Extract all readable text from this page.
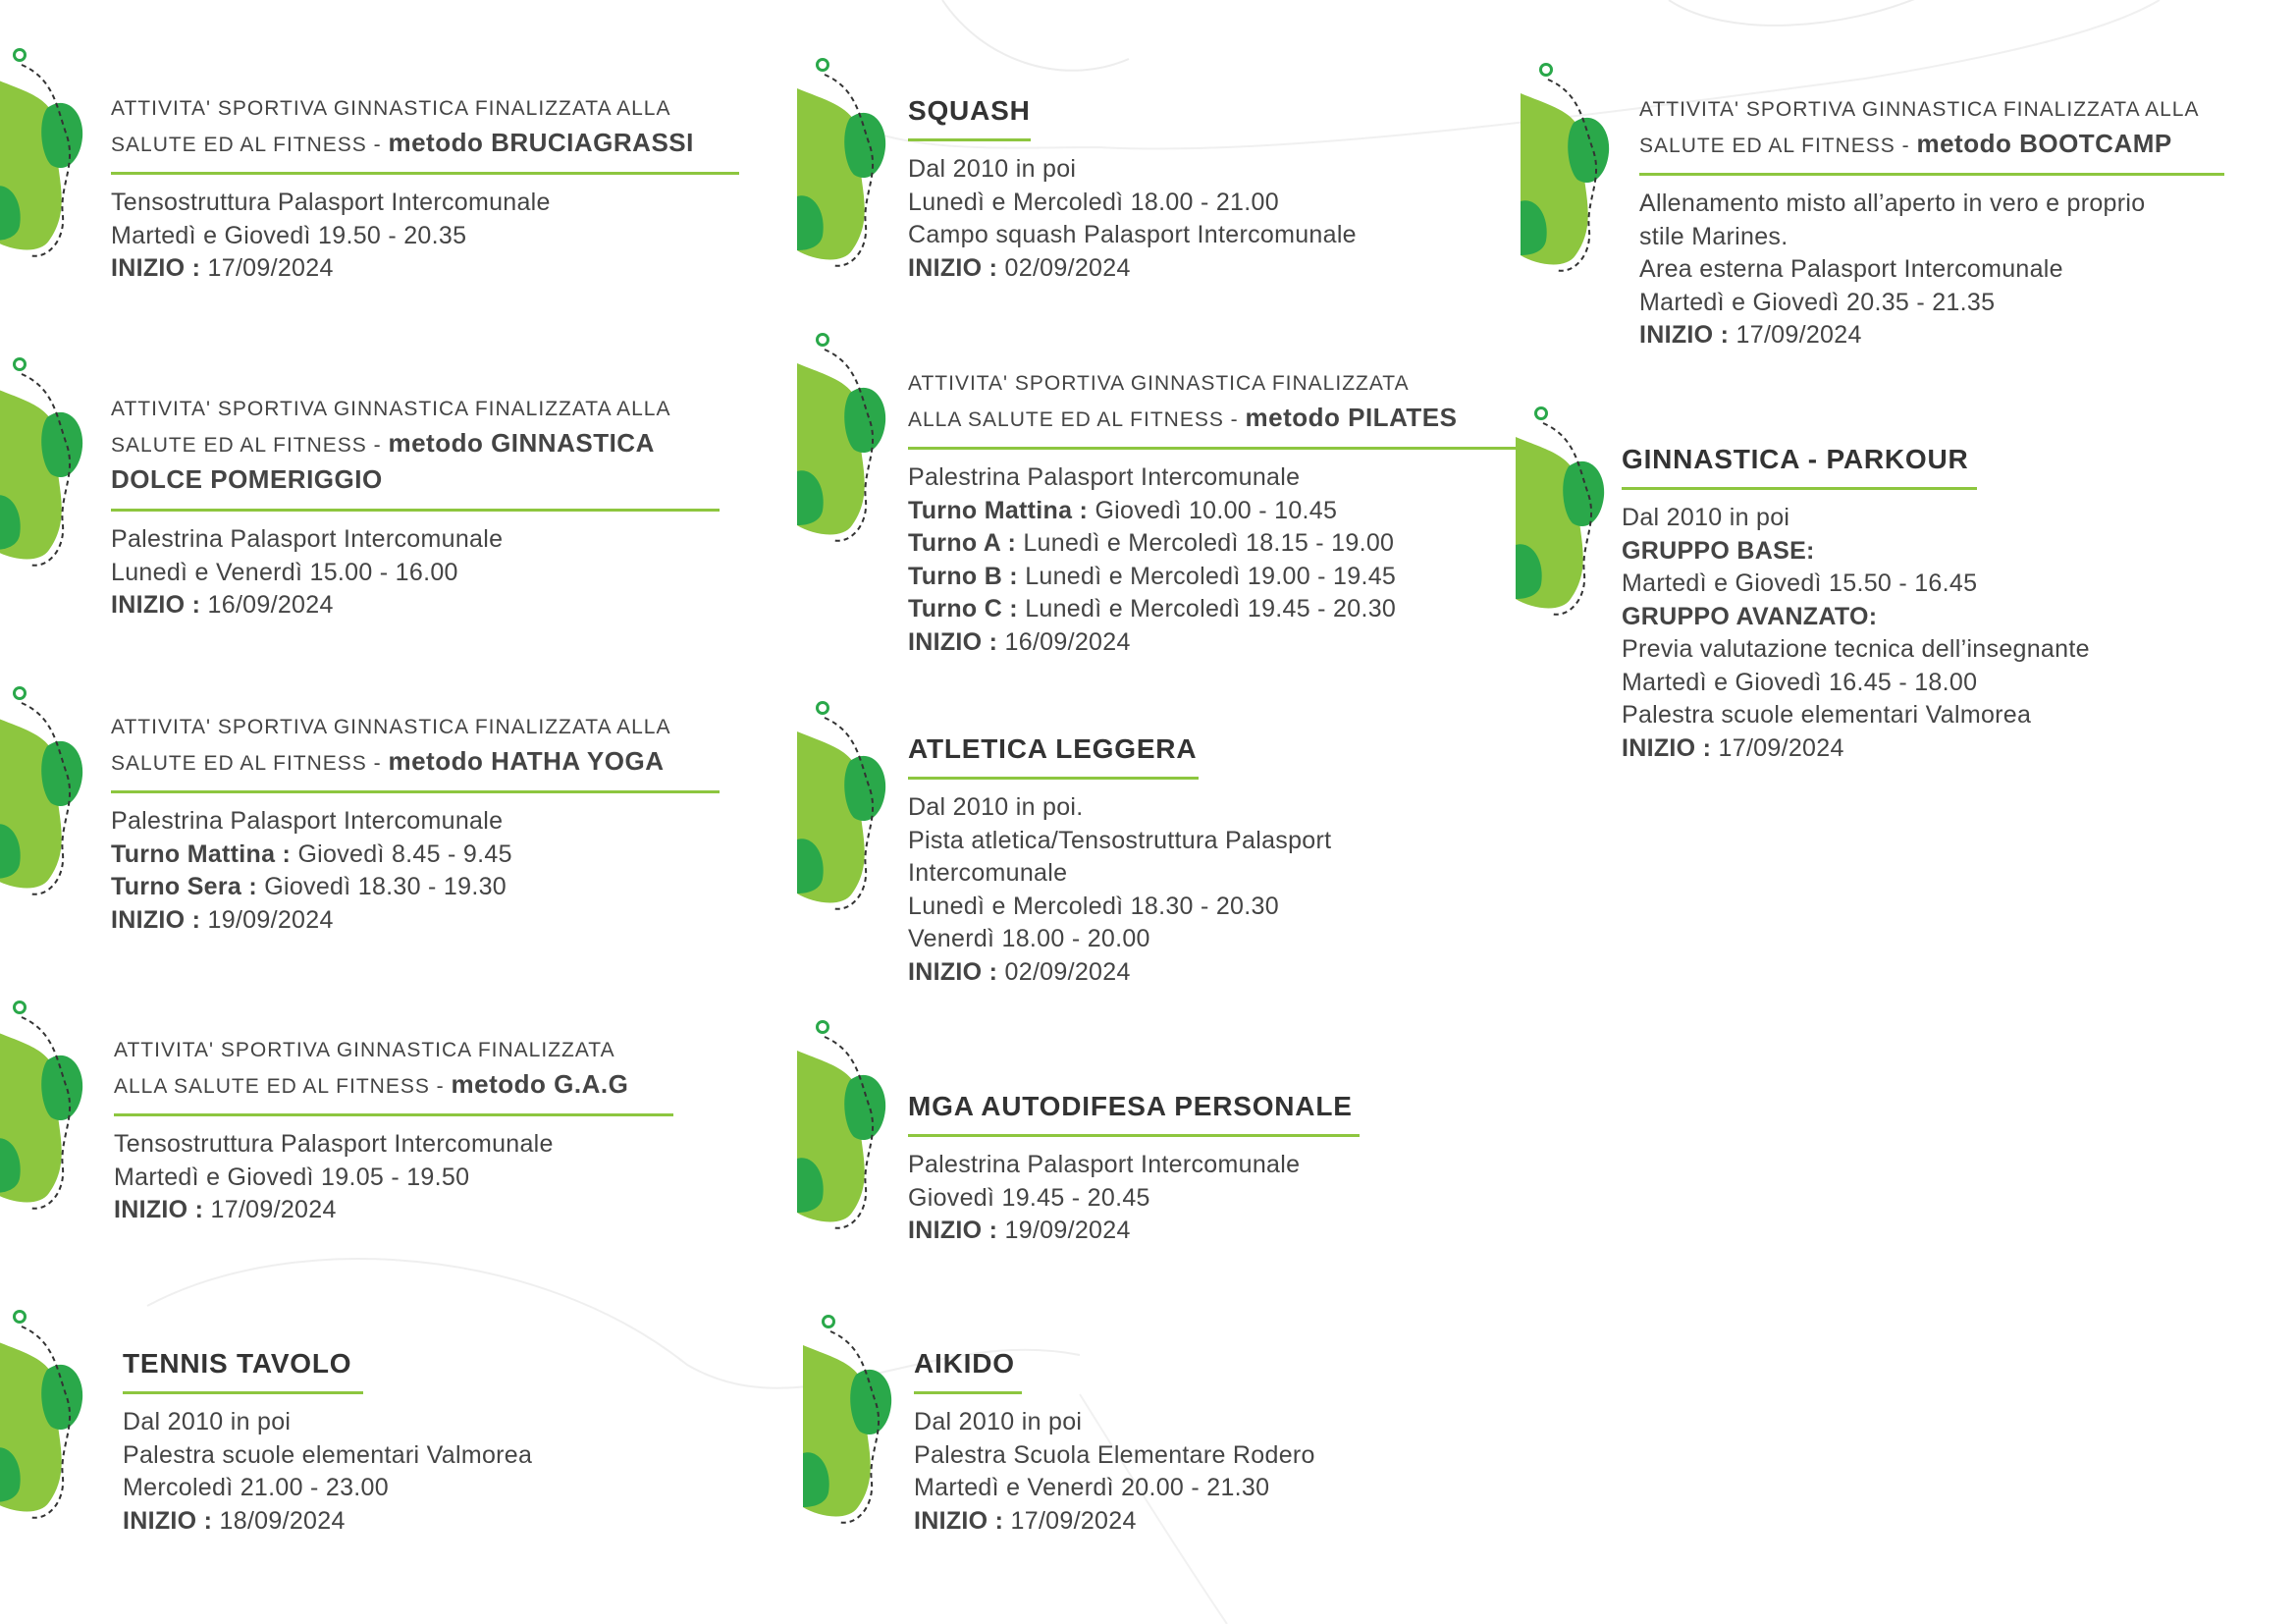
ATTIVITA' SPORTIVA GINNASTICA FINALIZZATA ALLA
SALUTE ED AL FITNESS - metodo BRUCIAGRASSI
Tensostruttura Palasport Intercomunale
Martedì e Giovedì 19.50 - 20.35
INIZIO : 17/09/2024
ATTIVITA' SPORTIVA GINNASTICA FINALIZZATA ALLA
SALUTE ED AL FITNESS - metodo GINNASTICA
DOLCE POMERIGGIO
Palestrina Palasport Intercomunale
Lunedì e Venerdì 15.00 - 16.00
INIZIO : 16/09/2024
ATTIVITA' SPORTIVA GINNASTICA FINALIZZATA ALLA
SALUTE ED AL FITNESS - metodo HATHA YOGA
Palestrina Palasport Intercomunale
Turno Mattina : Giovedì 8.45 - 9.45
Turno Sera : Giovedì 18.30 - 19.30
INIZIO : 19/09/2024
ATTIVITA' SPORTIVA GINNASTICA FINALIZZATA
ALLA SALUTE ED AL FITNESS - metodo G.A.G
Tensostruttura Palasport Intercomunale
Martedì e Giovedì 19.05 - 19.50
INIZIO : 17/09/2024
TENNIS TAVOLO
Dal 2010 in poi
Palestra scuole elementari Valmorea
Mercoledì 21.00 - 23.00
INIZIO : 18/09/2024
SQUASH
Dal 2010 in poi
Lunedì e Mercoledì 18.00 - 21.00
Campo squash Palasport Intercomunale
INIZIO : 02/09/2024
ATTIVITA' SPORTIVA GINNASTICA FINALIZZATA
ALLA SALUTE ED AL FITNESS - metodo PILATES
Palestrina Palasport Intercomunale
Turno Mattina : Giovedì 10.00 - 10.45
Turno A : Lunedì e Mercoledì 18.15 - 19.00
Turno B : Lunedì e Mercoledì 19.00 - 19.45
Turno C : Lunedì e Mercoledì 19.45 - 20.30
INIZIO : 16/09/2024
ATLETICA LEGGERA
Dal 2010 in poi.
Pista atletica/Tensostruttura Palasport
Intercomunale
Lunedì e Mercoledì 18.30 - 20.30
Venerdì 18.00 - 20.00
INIZIO : 02/09/2024
MGA AUTODIFESA PERSONALE
Palestrina Palasport Intercomunale
Giovedì 19.45 - 20.45
INIZIO : 19/09/2024
AIKIDO
Dal 2010 in poi
Palestra Scuola Elementare Rodero
Martedì e Venerdì 20.00 - 21.30
INIZIO : 17/09/2024
ATTIVITA' SPORTIVA GINNASTICA FINALIZZATA ALLA
SALUTE ED AL FITNESS - metodo BOOTCAMP
Allenamento misto all’aperto in vero e proprio
stile Marines.
Area esterna Palasport Intercomunale
Martedì e Giovedì 20.35 - 21.35
INIZIO : 17/09/2024
GINNASTICA - PARKOUR
Dal 2010 in poi
GRUPPO BASE:
Martedì e Giovedì 15.50 - 16.45
GRUPPO AVANZATO:
Previa valutazione tecnica dell’insegnante
Martedì e Giovedì 16.45 - 18.00
Palestra scuole elementari Valmorea
INIZIO : 17/09/2024
